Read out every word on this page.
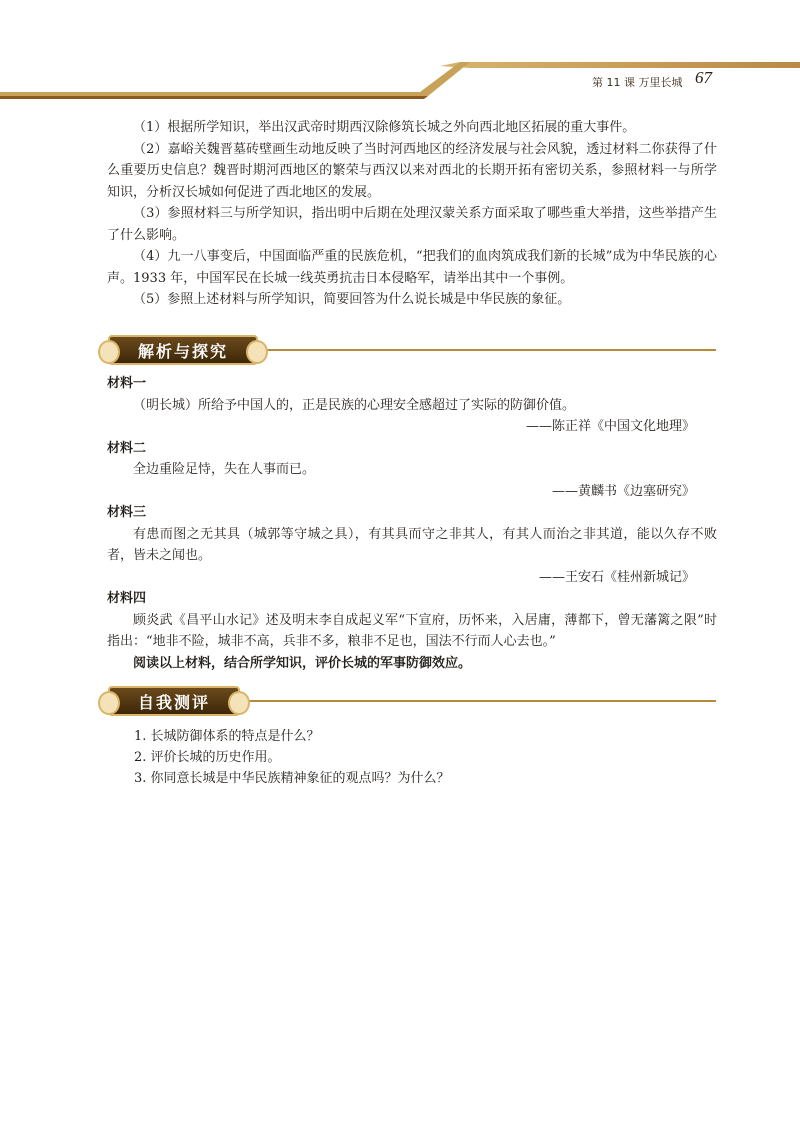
第 11 课 万里长城 67

（1）根据所学知识，举出汉武帝时期西汉除修筑长城之外向西北地区拓展的重大事件。

（2）嘉峪关魏晋墓砖壁画生动地反映了当时河西地区的经济发展与社会风貌，透过材料二你获得了什么重要历史信息？魏晋时期河西地区的繁荣与西汉以来对西北的长期开拓有密切关系，参照材料一与所学知识，分析汉长城如何促进了西北地区的发展。

（3）参照材料三与所学知识，指出明中后期在处理汉蒙关系方面采取了哪些重大举措，这些举措产生了什么影响。

（4）九一八事变后，中国面临严重的民族危机，“把我们的血肉筑成我们新的长城”成为中华民族的心声。1933 年，中国军民在长城一线英勇抗击日本侵略军，请举出其中一个事例。

（5）参照上述材料与所学知识，简要回答为什么说长城是中华民族的象征。

解析与探究
材料一

（明长城）所给予中国人的，正是民族的心理安全感超过了实际的防御价值。

——陈正祥《中国文化地理》

材料二

全边重险足恃，失在人事而已。

——黄麟书《边塞研究》

材料三

有患而图之无其具（城郭等守城之具），有其具而守之非其人，有其人而治之非其道，能以久存不败者，皆未之闻也。

——王安石《桂州新城记》

材料四

顾炎武《昌平山水记》述及明末李自成起义军“下宣府，历怀来，入居庸，薄都下，曾无藩篱之限”时指出：“地非不险，城非不高，兵非不多，粮非不足也，国法不行而人心去也。”

阅读以上材料，结合所学知识，评价长城的军事防御效应。

自我测评

1. 长城防御体系的特点是什么？

2. 评价长城的历史作用。

3. 你同意长城是中华民族精神象征的观点吗？为什么？
